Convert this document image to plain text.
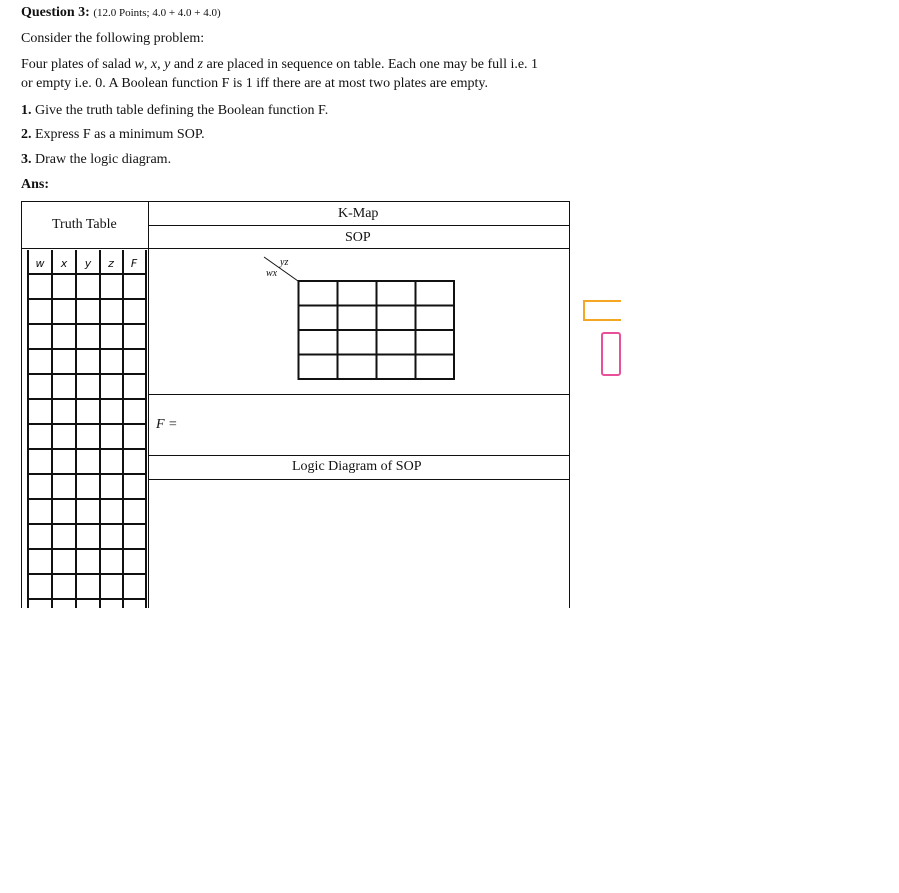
Question 3: (12.0 Points; 4.0 + 4.0 + 4.0)
Consider the following problem:
Four plates of salad w, x, y and z are placed in sequence on table. Each one may be full i.e. 1
or empty i.e. 0. A Boolean function F is 1 iff there are at most two plates are empty.
1. Give the truth table defining the Boolean function F.
2. Express F as a minimum SOP.
3. Draw the logic diagram.
Ans:
Truth Table
K-Map
SOP
w	x	y	z	F	yz
wx
F =
Logic Diagram of SOP
